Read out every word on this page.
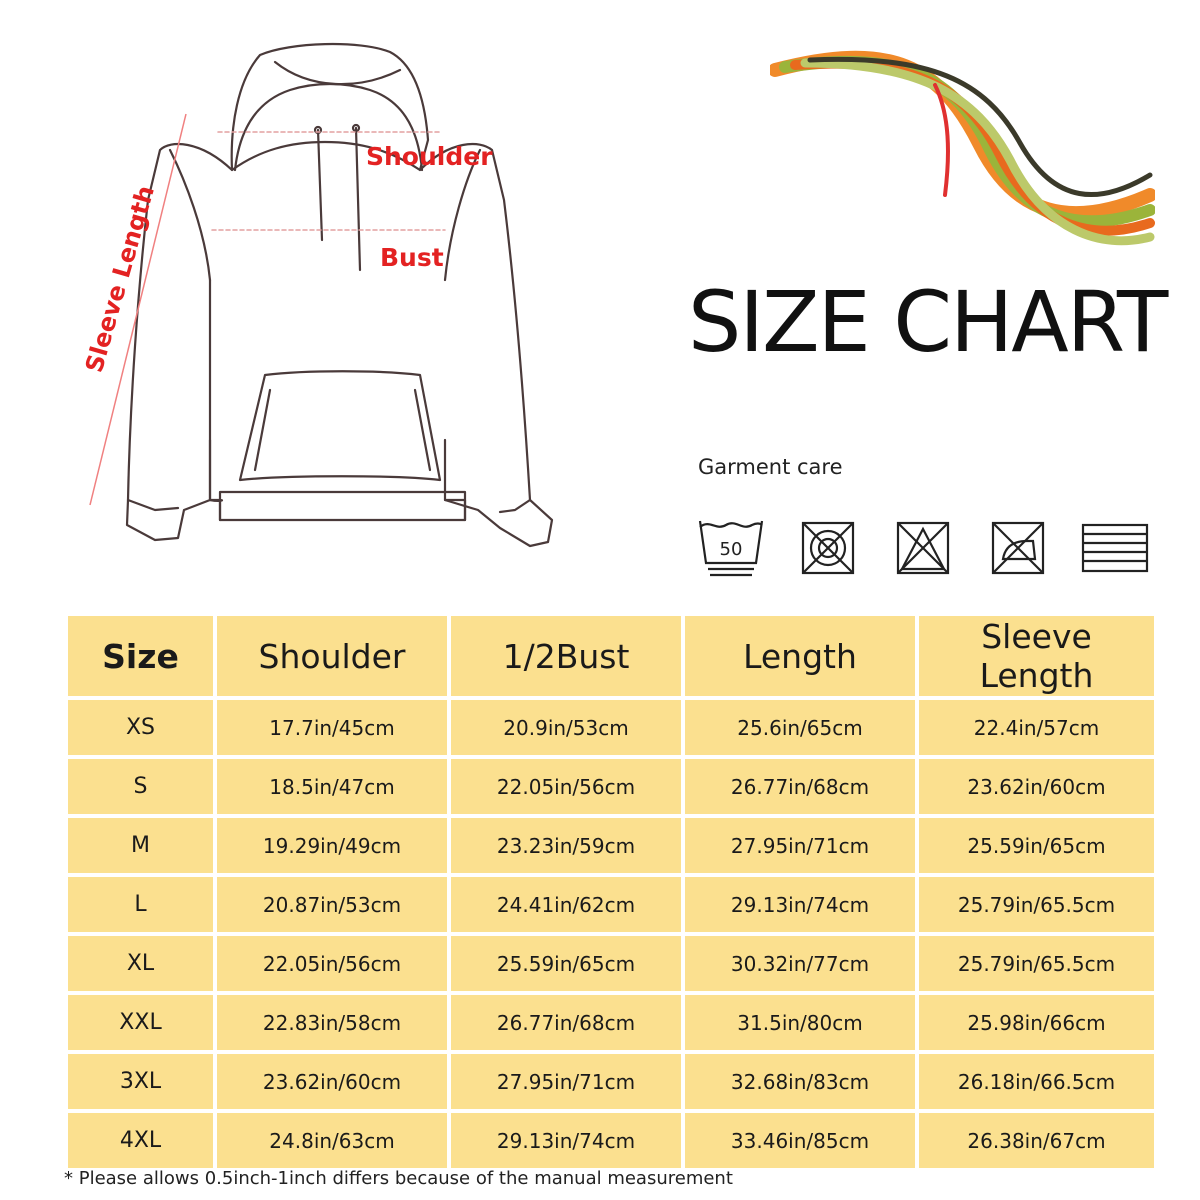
Shoulder
Bust
Sleeve Length	SIZE CHART
Garment care
50
Size	Shoulder	1/2Bust	Length	Sleeve Length
XS	17.7in/45cm	20.9in/53cm	25.6in/65cm	22.4in/57cm
S	18.5in/47cm	22.05in/56cm	26.77in/68cm	23.62in/60cm
M	19.29in/49cm	23.23in/59cm	27.95in/71cm	25.59in/65cm
L	20.87in/53cm	24.41in/62cm	29.13in/74cm	25.79in/65.5cm
XL	22.05in/56cm	25.59in/65cm	30.32in/77cm	25.79in/65.5cm
XXL	22.83in/58cm	26.77in/68cm	31.5in/80cm	25.98in/66cm
3XL	23.62in/60cm	27.95in/71cm	32.68in/83cm	26.18in/66.5cm
4XL	24.8in/63cm	29.13in/74cm	33.46in/85cm	26.38in/67cm
* Please allows 0.5inch-1inch differs because of the manual measurement
